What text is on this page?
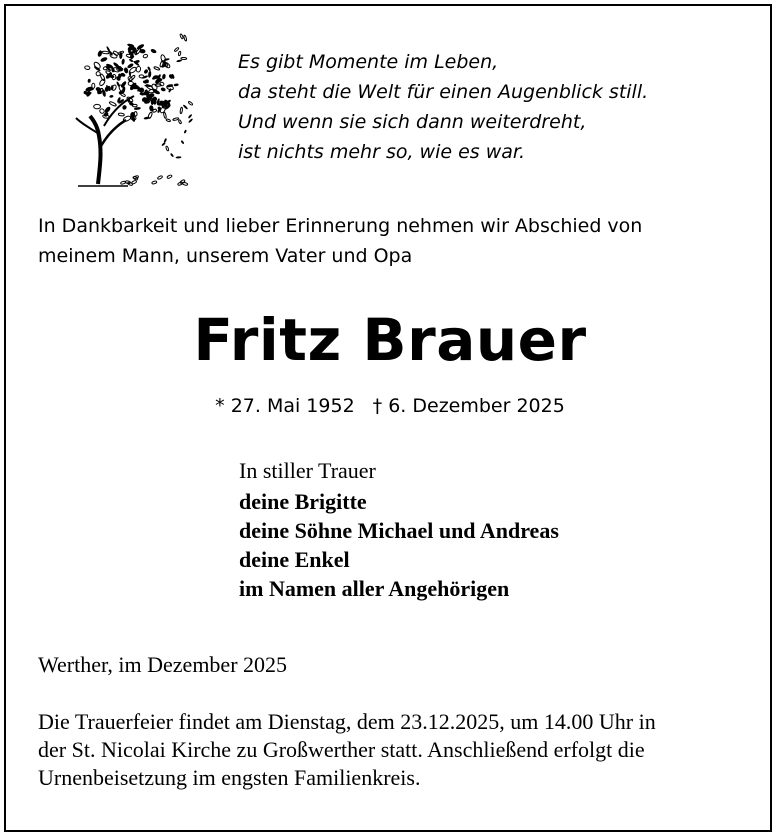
Es gibt Momente im Leben,
da steht die Welt für einen Augenblick still.
Und wenn sie sich dann weiterdreht,
ist nichts mehr so, wie es war.
In Dankbarkeit und lieber Erinnerung nehmen wir Abschied von
meinem Mann, unserem Vater und Opa
Fritz Brauer
* 27. Mai 1952 † 6. Dezember 2025
In stiller Trauer
deine Brigitte
deine Söhne Michael und Andreas
deine Enkel
im Namen aller Angehörigen
Werther, im Dezember 2025
Die Trauerfeier findet am Dienstag, dem 23.12.2025, um 14.00 Uhr in
der St. Nicolai Kirche zu Großwerther statt. Anschließend erfolgt die
Urnenbeisetzung im engsten Familienkreis.
